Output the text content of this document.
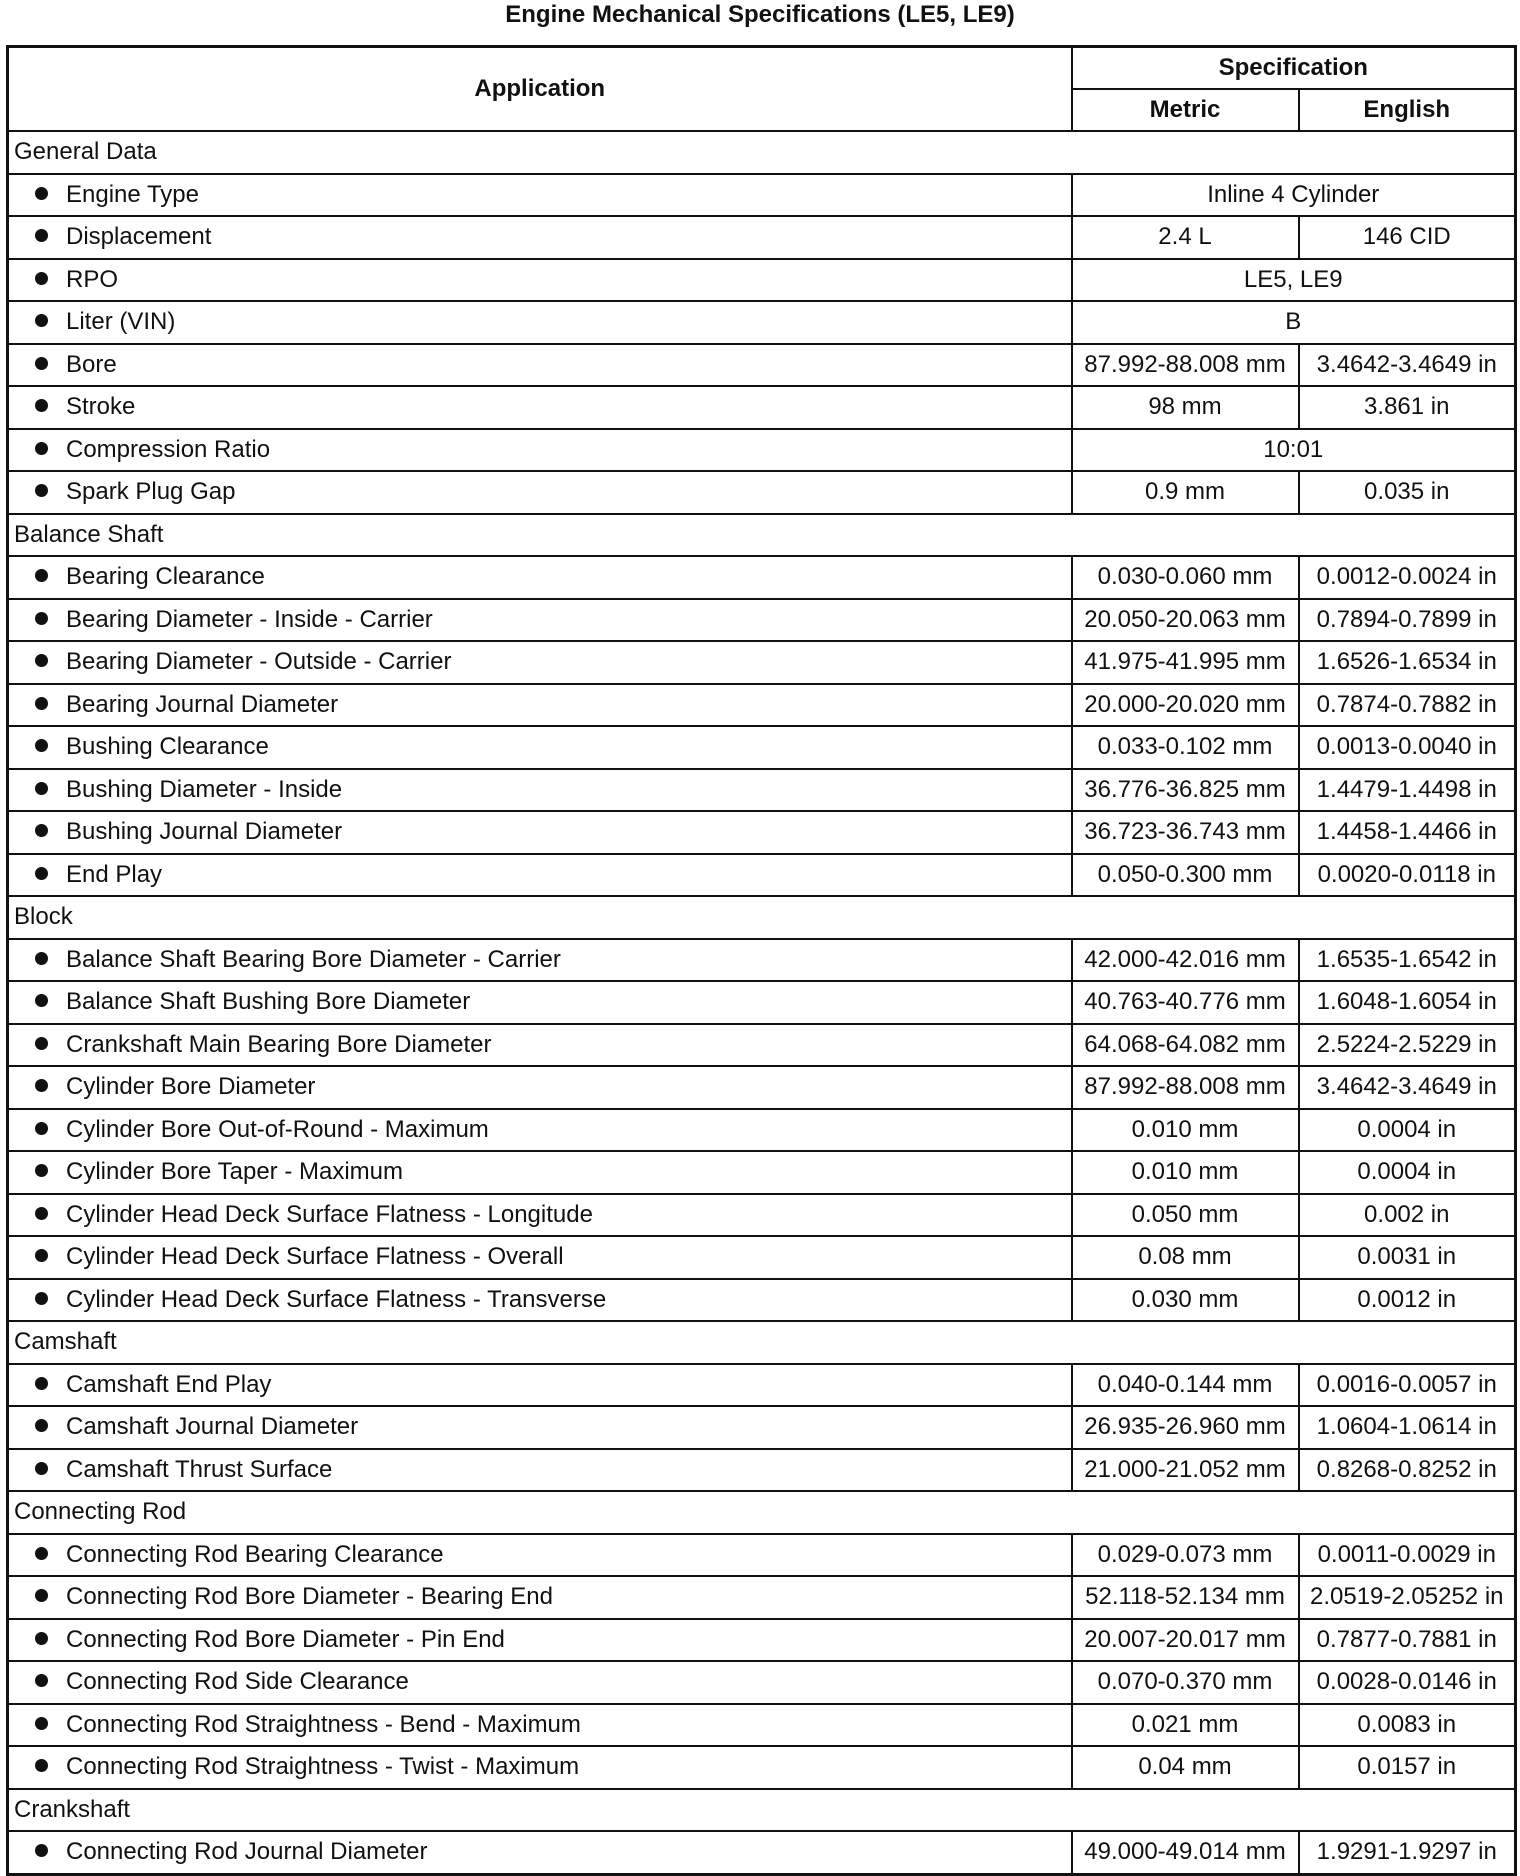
Engine Mechanical Specifications (LE5, LE9)
Application	Specification	
	Metric	English
General Data		
Engine Type	Inline 4 Cylinder	
Displacement	2.4 L	146 CID
RPO	LE5, LE9	
Liter (VIN)	B	
Bore	87.992-88.008 mm	3.4642-3.4649 in
Stroke	98 mm	3.861 in
Compression Ratio	10:01	
Spark Plug Gap	0.9 mm	0.035 in
Balance Shaft		
Bearing Clearance	0.030-0.060 mm	0.0012-0.0024 in
Bearing Diameter - Inside - Carrier	20.050-20.063 mm	0.7894-0.7899 in
Bearing Diameter - Outside - Carrier	41.975-41.995 mm	1.6526-1.6534 in
Bearing Journal Diameter	20.000-20.020 mm	0.7874-0.7882 in
Bushing Clearance	0.033-0.102 mm	0.0013-0.0040 in
Bushing Diameter - Inside	36.776-36.825 mm	1.4479-1.4498 in
Bushing Journal Diameter	36.723-36.743 mm	1.4458-1.4466 in
End Play	0.050-0.300 mm	0.0020-0.0118 in
Block		
Balance Shaft Bearing Bore Diameter - Carrier	42.000-42.016 mm	1.6535-1.6542 in
Balance Shaft Bushing Bore Diameter	40.763-40.776 mm	1.6048-1.6054 in
Crankshaft Main Bearing Bore Diameter	64.068-64.082 mm	2.5224-2.5229 in
Cylinder Bore Diameter	87.992-88.008 mm	3.4642-3.4649 in
Cylinder Bore Out-of-Round - Maximum	0.010 mm	0.0004 in
Cylinder Bore Taper - Maximum	0.010 mm	0.0004 in
Cylinder Head Deck Surface Flatness - Longitude	0.050 mm	0.002 in
Cylinder Head Deck Surface Flatness - Overall	0.08 mm	0.0031 in
Cylinder Head Deck Surface Flatness - Transverse	0.030 mm	0.0012 in
Camshaft		
Camshaft End Play	0.040-0.144 mm	0.0016-0.0057 in
Camshaft Journal Diameter	26.935-26.960 mm	1.0604-1.0614 in
Camshaft Thrust Surface	21.000-21.052 mm	0.8268-0.8252 in
Connecting Rod		
Connecting Rod Bearing Clearance	0.029-0.073 mm	0.0011-0.0029 in
Connecting Rod Bore Diameter - Bearing End	52.118-52.134 mm	2.0519-2.05252 in
Connecting Rod Bore Diameter - Pin End	20.007-20.017 mm	0.7877-0.7881 in
Connecting Rod Side Clearance	0.070-0.370 mm	0.0028-0.0146 in
Connecting Rod Straightness - Bend - Maximum	0.021 mm	0.0083 in
Connecting Rod Straightness - Twist - Maximum	0.04 mm	0.0157 in
Crankshaft		
Connecting Rod Journal Diameter	49.000-49.014 mm	1.9291-1.9297 in
